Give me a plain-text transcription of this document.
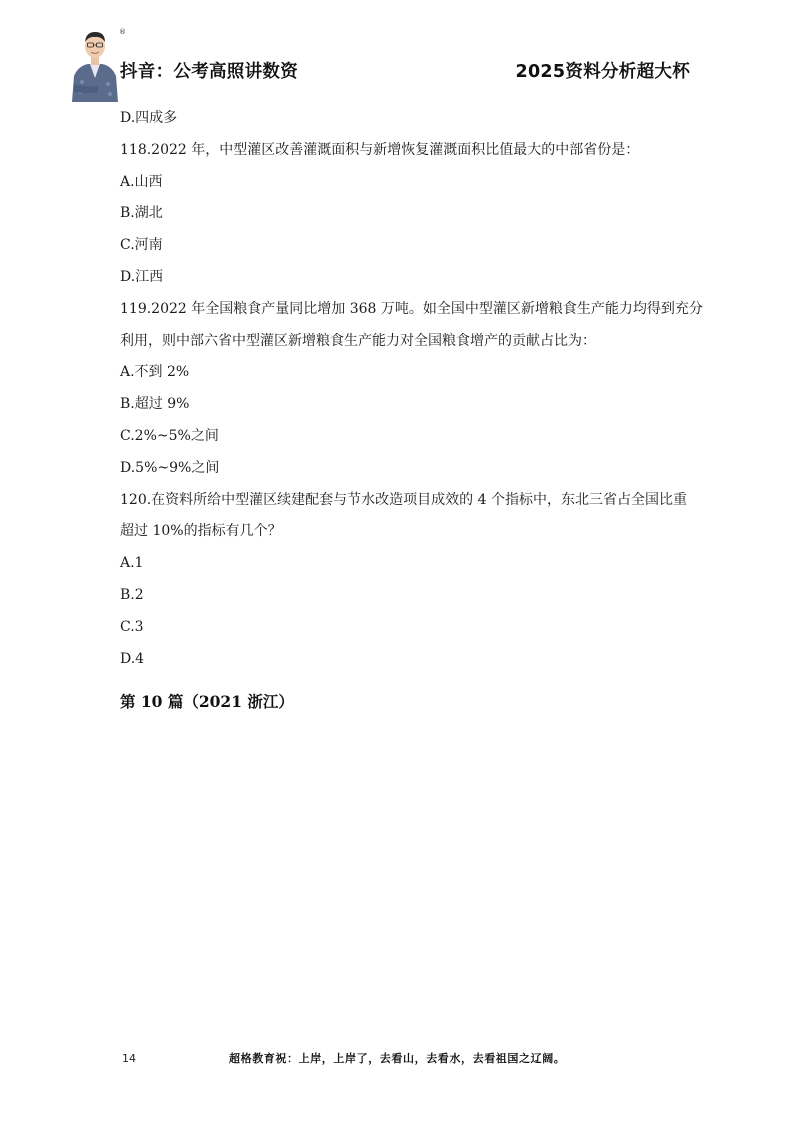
®
抖音：公考高照讲数资	2025资料分析超大杯
D.四成多
118.2022 年，中型灌区改善灌溉面积与新增恢复灌溉面积比值最大的中部省份是：
A.山西
B.湖北
C.河南
D.江西
119.2022 年全国粮食产量同比增加 368 万吨。如全国中型灌区新增粮食生产能力均得到充分
利用，则中部六省中型灌区新增粮食生产能力对全国粮食增产的贡献占比为：
A.不到 2%
B.超过 9%
C.2%~5%之间
D.5%~9%之间
120.在资料所给中型灌区续建配套与节水改造项目成效的 4 个指标中，东北三省占全国比重
超过 10%的指标有几个？
A.1
B.2
C.3
D.4
第 10 篇（2021 浙江）
14	超格教育祝：上岸，上岸了，去看山，去看水，去看祖国之辽阔。
